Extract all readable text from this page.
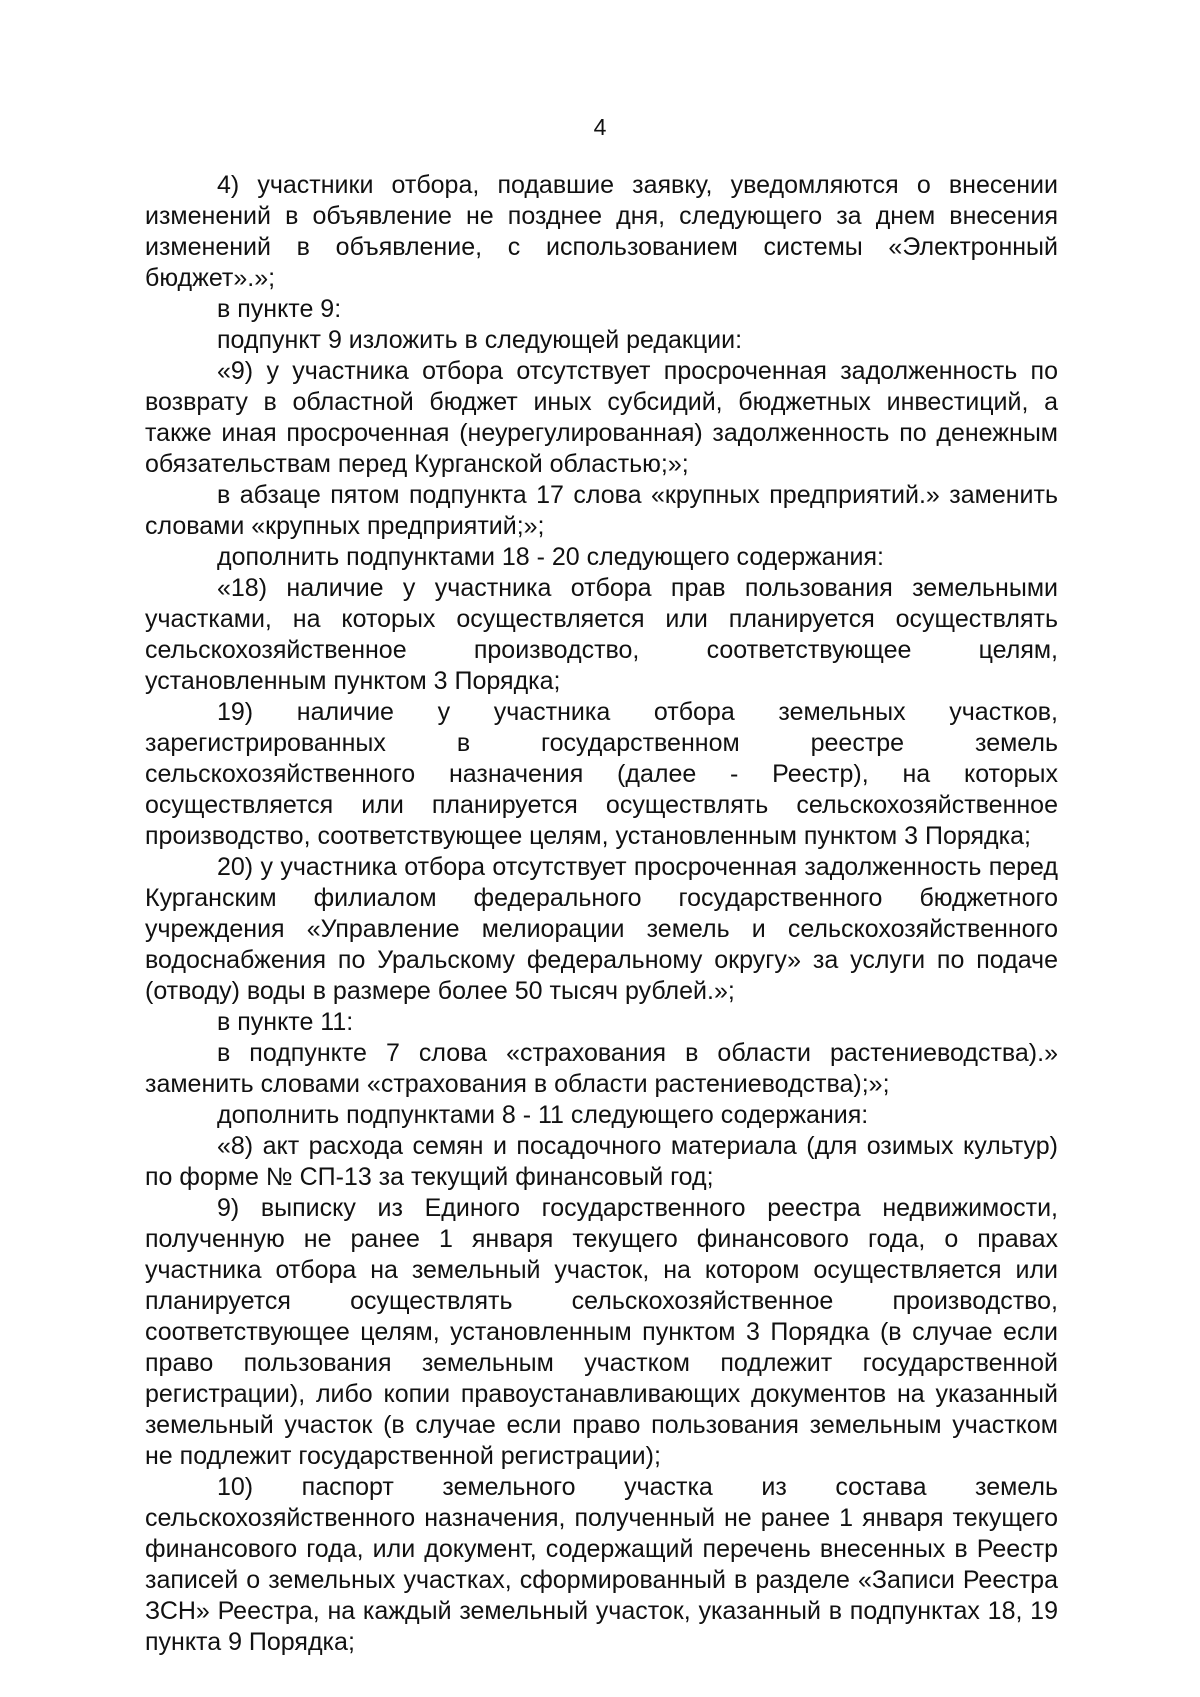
4

4) участники отбора, подавшие заявку, уведомляются о внесении изменений в объявление не позднее дня, следующего за днем внесения изменений в объявление, с использованием системы «Электронный бюджет».»;

в пункте 9:

подпункт 9 изложить в следующей редакции:

«9) у участника отбора отсутствует просроченная задолженность по возврату в областной бюджет иных субсидий, бюджетных инвестиций, а также иная просроченная (неурегулированная) задолженность по денежным обязательствам перед Курганской областью;»;

в абзаце пятом подпункта 17 слова «крупных предприятий.» заменить словами «крупных предприятий;»;

дополнить подпунктами 18 - 20 следующего содержания:

«18) наличие у участника отбора прав пользования земельными участками, на которых осуществляется или планируется осуществлять сельскохозяйственное производство, соответствующее целям, установленным пунктом 3 Порядка;

19) наличие у участника отбора земельных участков, зарегистрированных в государственном реестре земель сельскохозяйственного назначения (далее - Реестр), на которых осуществляется или планируется осуществлять сельскохозяйственное производство, соответствующее целям, установленным пунктом 3 Порядка;

20) у участника отбора отсутствует просроченная задолженность перед Курганским филиалом федерального государственного бюджетного учреждения «Управление мелиорации земель и сельскохозяйственного водоснабжения по Уральскому федеральному округу» за услуги по подаче (отводу) воды в размере более 50 тысяч рублей.»;

в пункте 11:

в подпункте 7 слова «страхования в области растениеводства).» заменить словами «страхования в области растениеводства);»;

дополнить подпунктами 8 - 11 следующего содержания:

«8) акт расхода семян и посадочного материала (для озимых культур) по форме № СП-13 за текущий финансовый год;

9) выписку из Единого государственного реестра недвижимости, полученную не ранее 1 января текущего финансового года, о правах участника отбора на земельный участок, на котором осуществляется или планируется осуществлять сельскохозяйственное производство, соответствующее целям, установленным пунктом 3 Порядка (в случае если право пользования земельным участком подлежит государственной регистрации), либо копии правоустанавливающих документов на указанный земельный участок (в случае если право пользования земельным участком не подлежит государственной регистрации);

10) паспорт земельного участка из состава земель сельскохозяйственного назначения, полученный не ранее 1 января текущего финансового года, или документ, содержащий перечень внесенных в Реестр записей о земельных участках, сформированный в разделе «Записи Реестра ЗСН» Реестра, на каждый земельный участок, указанный в подпунктах 18, 19 пункта 9 Порядка;
